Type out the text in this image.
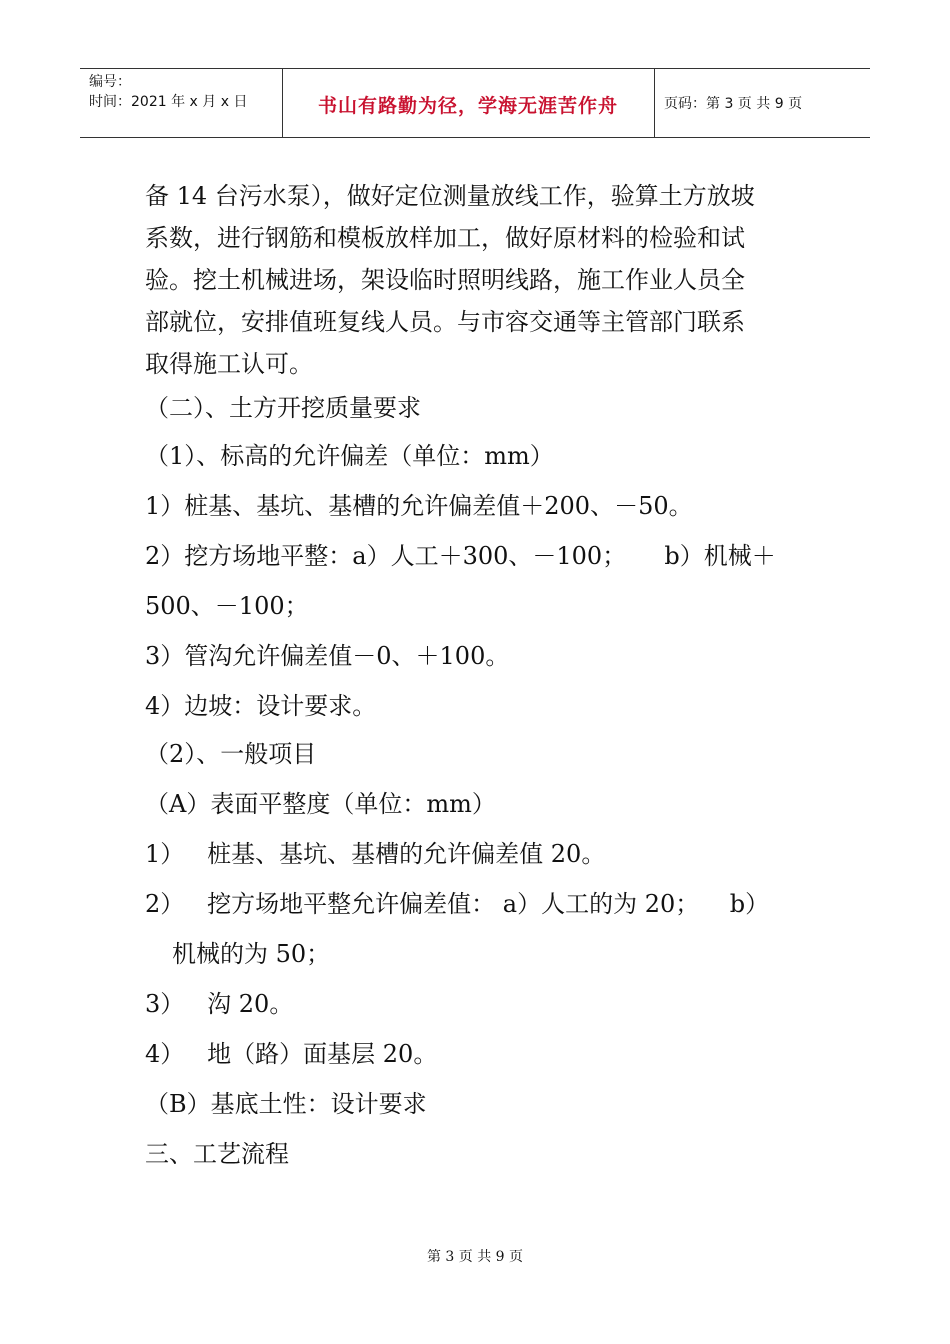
编号：
时间：2021 年 x 月 x 日	书山有路勤为径，学海无涯苦作舟	页码：第 3 页 共 9 页
备 14 台污水泵），做好定位测量放线工作，验算土方放坡
系数，进行钢筋和模板放样加工，做好原材料的检验和试
验。挖土机械进场，架设临时照明线路，施工作业人员全
部就位，安排值班复线人员。与市容交通等主管部门联系
取得施工认可。
（二）、土方开挖质量要求
（1）、标高的允许偏差（单位：mm）
1）桩基、基坑、基槽的允许偏差值＋200、－50。
2）挖方场地平整：a）人工＋300、－100；     b）机械＋
500、－100；
3）管沟允许偏差值－0、＋100。
4）边坡：设计要求。
（2）、一般项目
（A）表面平整度（单位：mm）
1）   桩基、基坑、基槽的允许偏差值 20。
2）   挖方场地平整允许偏差值： a）人工的为 20；    b）
机械的为 50；
3）   沟 20。
4）   地（路）面基层 20。
（B）基底土性：设计要求
三、工艺流程
第 3 页 共 9 页
